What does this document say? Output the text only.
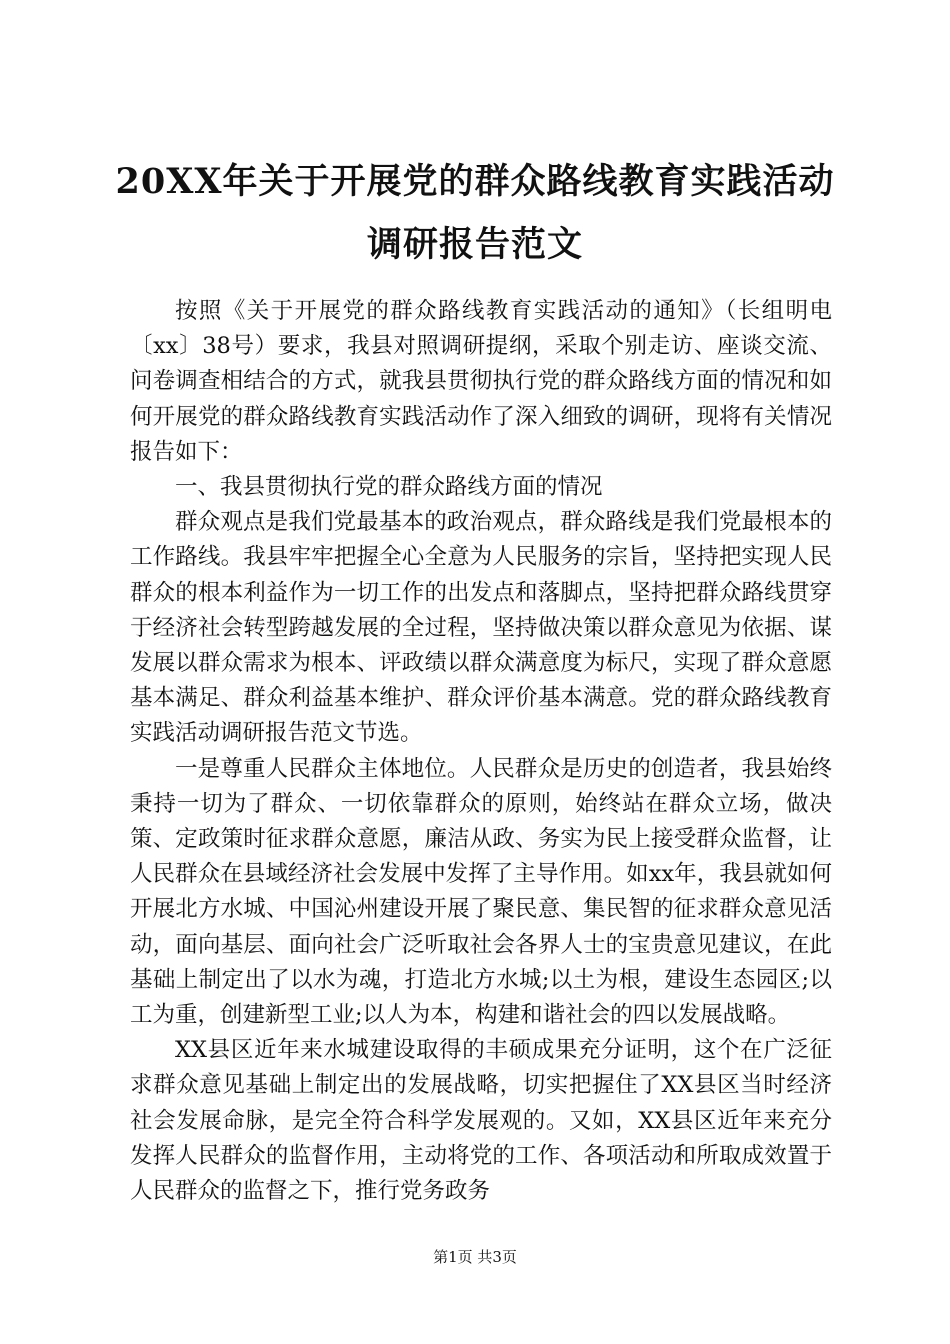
20XX年关于开展党的群众路线教育实践活动
调研报告范文

按照《关于开展党的群众路线教育实践活动的通知》（长组明电〔xx〕38号）要求，我县对照调研提纲，采取个别走访、座谈交流、问卷调查相结合的方式，就我县贯彻执行党的群众路线方面的情况和如何开展党的群众路线教育实践活动作了深入细致的调研，现将有关情况报告如下：

一、我县贯彻执行党的群众路线方面的情况

群众观点是我们党最基本的政治观点，群众路线是我们党最根本的工作路线。我县牢牢把握全心全意为人民服务的宗旨，坚持把实现人民群众的根本利益作为一切工作的出发点和落脚点，坚持把群众路线贯穿于经济社会转型跨越发展的全过程，坚持做决策以群众意见为依据、谋发展以群众需求为根本、评政绩以群众满意度为标尺，实现了群众意愿基本满足、群众利益基本维护、群众评价基本满意。党的群众路线教育实践活动调研报告范文节选。

一是尊重人民群众主体地位。人民群众是历史的创造者，我县始终秉持一切为了群众、一切依靠群众的原则，始终站在群众立场，做决策、定政策时征求群众意愿，廉洁从政、务实为民上接受群众监督，让人民群众在县域经济社会发展中发挥了主导作用。如xx年，我县就如何开展北方水城、中国沁州建设开展了聚民意、集民智的征求群众意见活动，面向基层、面向社会广泛听取社会各界人士的宝贵意见建议，在此基础上制定出了以水为魂，打造北方水城;以土为根，建设生态园区;以工为重，创建新型工业;以人为本，构建和谐社会的四以发展战略。

XX县区近年来水城建设取得的丰硕成果充分证明，这个在广泛征求群众意见基础上制定出的发展战略，切实把握住了XX县区当时经济社会发展命脉，是完全符合科学发展观的。又如，XX县区近年来充分发挥人民群众的监督作用，主动将党的工作、各项活动和所取成效置于人民群众的监督之下，推行党务政务

第1页 共3页
